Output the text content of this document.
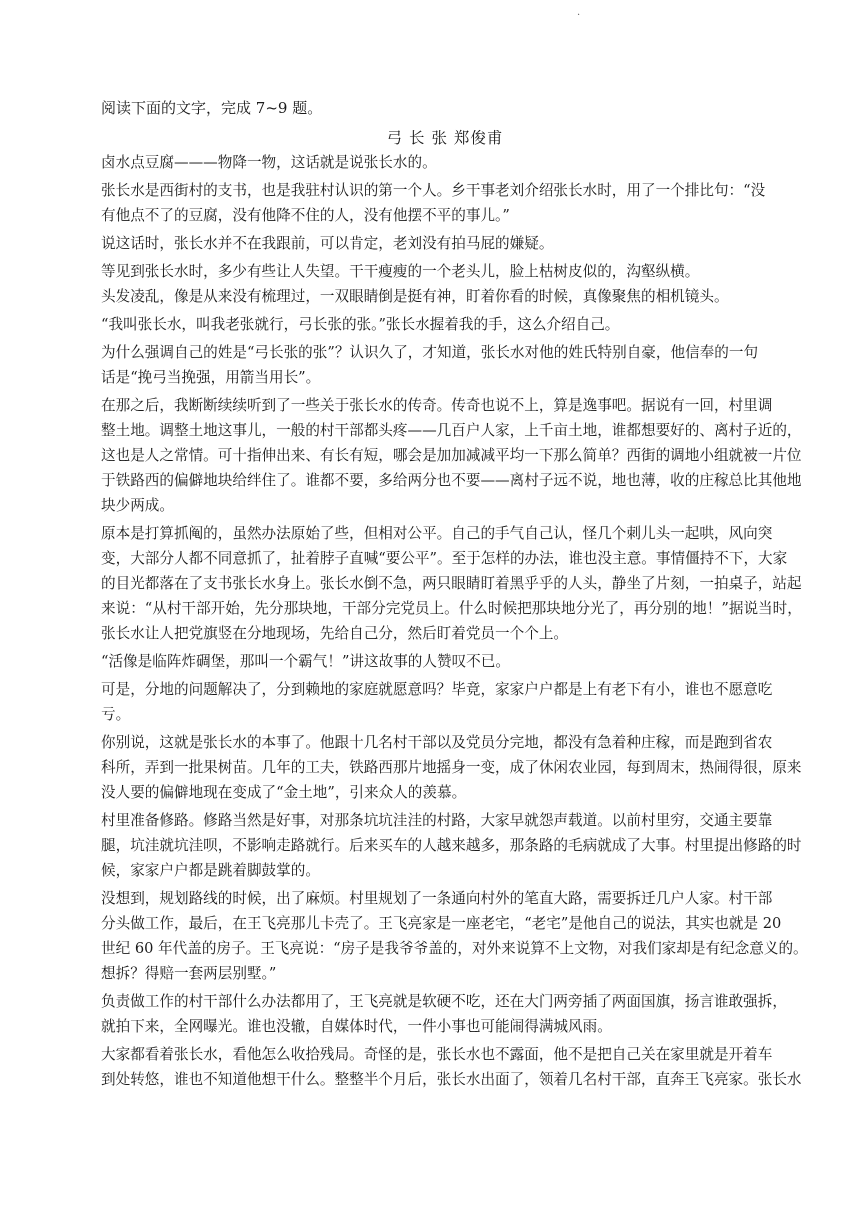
·

阅读下面的文字，完成 7~9 题。

弓 长 张 郑俊甫

卤水点豆腐———物降一物，这话就是说张长水的。

张长水是西街村的支书，也是我驻村认识的第一个人。乡干事老刘介绍张长水时，用了一个排比句：“没
有他点不了的豆腐，没有他降不住的人，没有他摆不平的事儿。”

说这话时，张长水并不在我跟前，可以肯定，老刘没有拍马屁的嫌疑。

等见到张长水时，多少有些让人失望。干干瘦瘦的一个老头儿，脸上枯树皮似的，沟壑纵横。
头发凌乱，像是从来没有梳理过，一双眼睛倒是挺有神，盯着你看的时候，真像聚焦的相机镜头。

“我叫张长水，叫我老张就行，弓长张的张。”张长水握着我的手，这么介绍自己。

为什么强调自己的姓是“弓长张的张”？认识久了，才知道，张长水对他的姓氏特别自豪，他信奉的一句
话是“挽弓当挽强，用箭当用长”。

在那之后，我断断续续听到了一些关于张长水的传奇。传奇也说不上，算是逸事吧。据说有一回，村里调
整土地。调整土地这事儿，一般的村干部都头疼——几百户人家，上千亩土地，谁都想要好的、离村子近的，
这也是人之常情。可十指伸出来、有长有短，哪会是加加减减平均一下那么简单？西街的调地小组就被一片位
于铁路西的偏僻地块给绊住了。谁都不要，多给两分也不要——离村子远不说，地也薄，收的庄稼总比其他地
块少两成。

原本是打算抓阄的，虽然办法原始了些，但相对公平。自己的手气自己认，怪几个刺儿头一起哄，风向突
变，大部分人都不同意抓了，扯着脖子直喊“要公平”。至于怎样的办法，谁也没主意。事情僵持不下，大家
的目光都落在了支书张长水身上。张长水倒不急，两只眼睛盯着黑乎乎的人头，静坐了片刻，一拍桌子，站起
来说：“从村干部开始，先分那块地，干部分完党员上。什么时候把那块地分光了，再分别的地！”据说当时，
张长水让人把党旗竖在分地现场，先给自己分，然后盯着党员一个个上。

“活像是临阵炸碉堡，那叫一个霸气！”讲这故事的人赞叹不已。

可是，分地的问题解决了，分到赖地的家庭就愿意吗？毕竟，家家户户都是上有老下有小，谁也不愿意吃
亏。

你别说，这就是张长水的本事了。他跟十几名村干部以及党员分完地，都没有急着种庄稼，而是跑到省农
科所，弄到一批果树苗。几年的工夫，铁路西那片地摇身一变，成了休闲农业园，每到周末，热闹得很，原来
没人要的偏僻地现在变成了“金土地”，引来众人的羡慕。

村里准备修路。修路当然是好事，对那条坑坑洼洼的村路，大家早就怨声载道。以前村里穷，交通主要靠
腿，坑洼就坑洼呗，不影响走路就行。后来买车的人越来越多，那条路的毛病就成了大事。村里提出修路的时
候，家家户户都是跳着脚鼓掌的。

没想到，规划路线的时候，出了麻烦。村里规划了一条通向村外的笔直大路，需要拆迁几户人家。村干部
分头做工作，最后，在王飞亮那儿卡壳了。王飞亮家是一座老宅，“老宅”是他自己的说法，其实也就是 20
世纪 60 年代盖的房子。王飞亮说：“房子是我爷爷盖的，对外来说算不上文物，对我们家却是有纪念意义的。
想拆？得赔一套两层别墅。”

负责做工作的村干部什么办法都用了，王飞亮就是软硬不吃，还在大门两旁插了两面国旗，扬言谁敢强拆，
就拍下来，全网曝光。谁也没辙，自媒体时代，一件小事也可能闹得满城风雨。

大家都看着张长水，看他怎么收拾残局。奇怪的是，张长水也不露面，他不是把自己关在家里就是开着车
到处转悠，谁也不知道他想干什么。整整半个月后，张长水出面了，领着几名村干部，直奔王飞亮家。张长水
